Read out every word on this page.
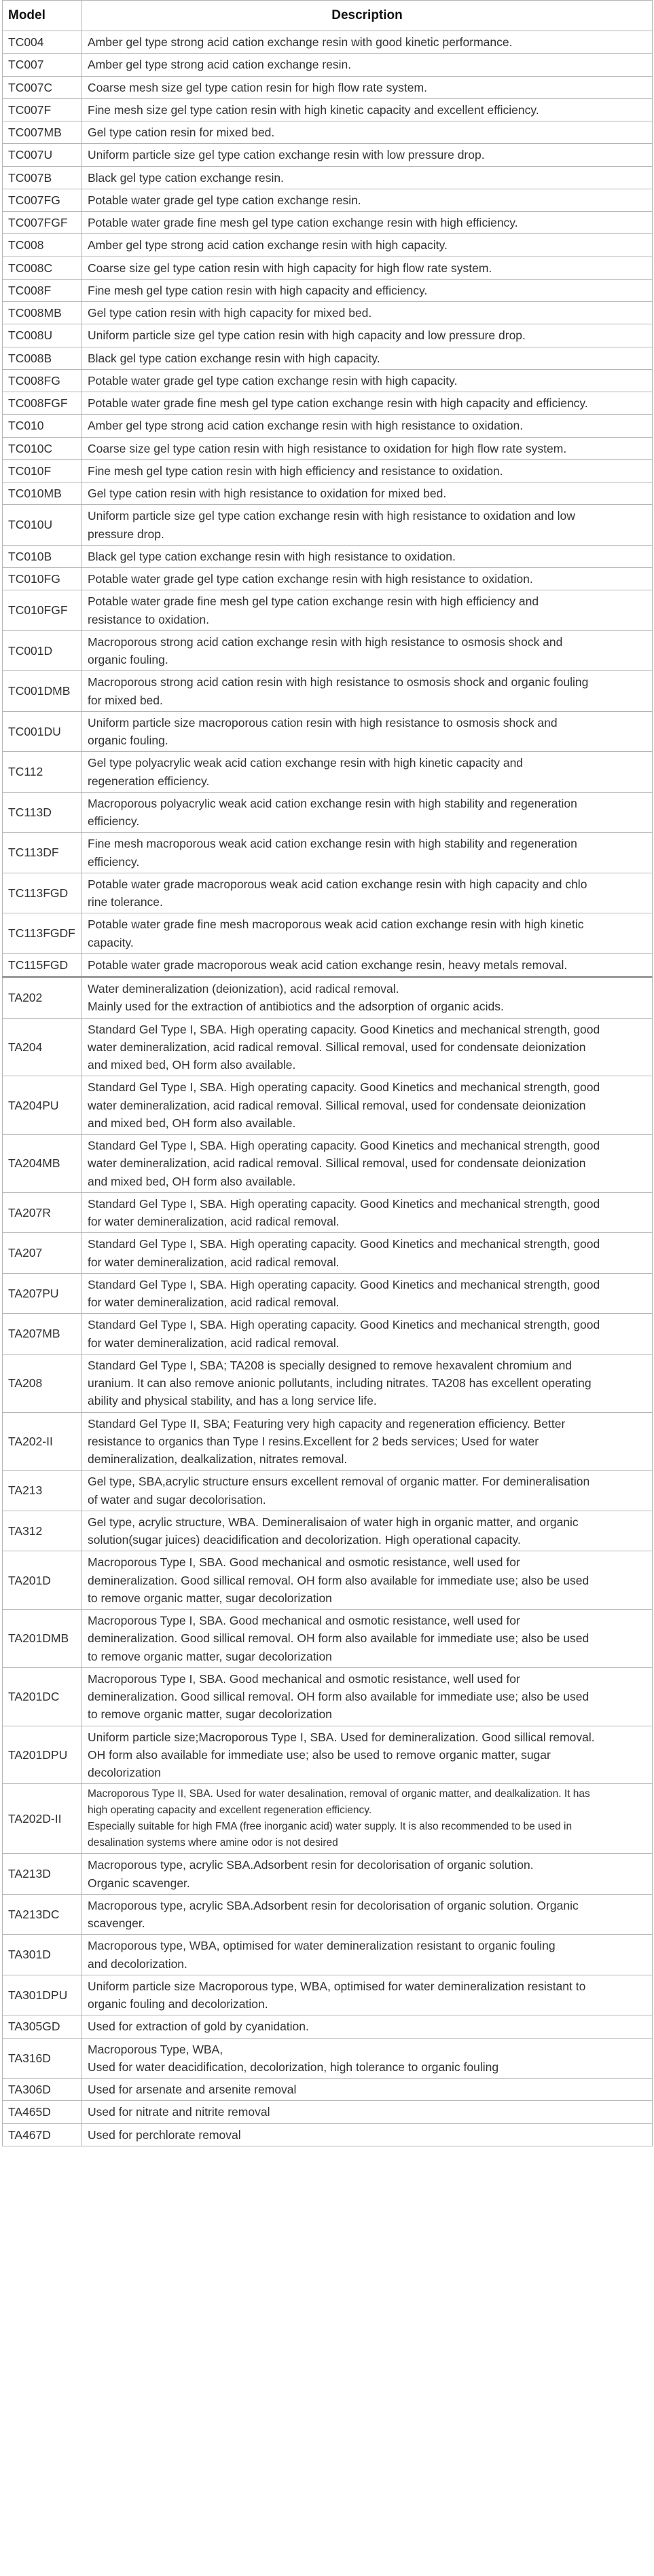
Model	Description
TC004	Amber gel type strong acid cation exchange resin with good kinetic performance.
TC007	Amber gel type strong acid cation exchange resin.
TC007C	Coarse mesh size gel type cation resin for high flow rate system.
TC007F	Fine mesh size gel type cation resin with high kinetic capacity and excellent efficiency.
TC007MB	Gel type cation resin for mixed bed.
TC007U	Uniform particle size gel type cation exchange resin with low pressure drop.
TC007B	Black gel type cation exchange resin.
TC007FG	Potable water grade gel type cation exchange resin.
TC007FGF	Potable water grade fine mesh gel type cation exchange resin with high efficiency.
TC008	Amber gel type strong acid cation exchange resin with high capacity.
TC008C	Coarse size gel type cation resin with high capacity for high flow rate system.
TC008F	Fine mesh gel type cation resin with high capacity and efficiency.
TC008MB	Gel type cation resin with high capacity for mixed bed.
TC008U	Uniform particle size gel type cation resin with high capacity and low pressure drop.
TC008B	Black gel type cation exchange resin with high capacity.
TC008FG	Potable water grade gel type cation exchange resin with high capacity.
TC008FGF	Potable water grade fine mesh gel type cation exchange resin with high capacity and efficiency.
TC010	Amber gel type strong acid cation exchange resin with high resistance to oxidation.
TC010C	Coarse size gel type cation resin with high resistance to oxidation for high flow rate system.
TC010F	Fine mesh gel type cation resin with high efficiency and resistance to oxidation.
TC010MB	Gel type cation resin with high resistance to oxidation for mixed bed.
TC010U	Uniform particle size gel type cation exchange resin with high resistance to oxidation and low
pressure drop.
TC010B	Black gel type cation exchange resin with high resistance to oxidation.
TC010FG	Potable water grade gel type cation exchange resin with high resistance to oxidation.
TC010FGF	Potable water grade fine mesh gel type cation exchange resin with high efficiency and
resistance to oxidation.
TC001D	Macroporous strong acid cation exchange resin with high resistance to osmosis shock and
organic fouling.
TC001DMB	Macroporous strong acid cation resin with high resistance to osmosis shock and organic fouling
for mixed bed.
TC001DU	Uniform particle size macroporous cation resin with high resistance to osmosis shock and
organic fouling.
TC112	Gel type polyacrylic weak acid cation exchange resin with high kinetic capacity and
regeneration efficiency.
TC113D	Macroporous polyacrylic weak acid cation exchange resin with high stability and regeneration
efficiency.
TC113DF	Fine mesh macroporous weak acid cation exchange resin with high stability and regeneration
efficiency.
TC113FGD	Potable water grade macroporous weak acid cation exchange resin with high capacity and chlo
rine tolerance.
TC113FGDF	Potable water grade fine mesh macroporous weak acid cation exchange resin with high kinetic
capacity.
TC115FGD	Potable water grade macroporous weak acid cation exchange resin, heavy metals removal.
TA202	Water demineralization (deionization), acid radical removal.
Mainly used for the extraction of antibiotics and the adsorption of organic acids.
TA204	Standard Gel Type I, SBA. High operating capacity. Good Kinetics and mechanical strength, good
water demineralization, acid radical removal. Sillical removal, used for condensate deionization
and mixed bed, OH form also available.
TA204PU	Standard Gel Type I, SBA. High operating capacity. Good Kinetics and mechanical strength, good
water demineralization, acid radical removal. Sillical removal, used for condensate deionization
and mixed bed, OH form also available.
TA204MB	Standard Gel Type I, SBA. High operating capacity. Good Kinetics and mechanical strength, good
water demineralization, acid radical removal. Sillical removal, used for condensate deionization
and mixed bed, OH form also available.
TA207R	Standard Gel Type I, SBA. High operating capacity. Good Kinetics and mechanical strength, good
for water demineralization, acid radical removal.
TA207	Standard Gel Type I, SBA. High operating capacity. Good Kinetics and mechanical strength, good
for water demineralization, acid radical removal.
TA207PU	Standard Gel Type I, SBA. High operating capacity. Good Kinetics and mechanical strength, good
for water demineralization, acid radical removal.
TA207MB	Standard Gel Type I, SBA. High operating capacity. Good Kinetics and mechanical strength, good
for water demineralization, acid radical removal.
TA208	Standard Gel Type I, SBA; TA208 is specially designed to remove hexavalent chromium and
uranium. It can also remove anionic pollutants, including nitrates. TA208 has excellent operating
ability and physical stability, and has a long service life.
TA202-II	Standard Gel Type II, SBA; Featuring very high capacity and regeneration efficiency. Better
resistance to organics than Type I resins.Excellent for 2 beds services; Used for water
demineralization, dealkalization, nitrates removal.
TA213	Gel type, SBA,acrylic structure ensurs excellent removal of organic matter. For demineralisation
of water and sugar decolorisation.
TA312	Gel type, acrylic structure, WBA. Demineralisaion of water high in organic matter, and organic
solution(sugar juices) deacidification and decolorization. High operational capacity.
TA201D	Macroporous Type I, SBA. Good mechanical and osmotic resistance, well used for
demineralization. Good sillical removal. OH form also available for immediate use; also be used
to remove organic matter, sugar decolorization
TA201DMB	Macroporous Type I, SBA. Good mechanical and osmotic resistance, well used for
demineralization. Good sillical removal. OH form also available for immediate use; also be used
to remove organic matter, sugar decolorization
TA201DC	Macroporous Type I, SBA. Good mechanical and osmotic resistance, well used for
demineralization. Good sillical removal. OH form also available for immediate use; also be used
to remove organic matter, sugar decolorization
TA201DPU	Uniform particle size;Macroporous Type I, SBA. Used for demineralization. Good sillical removal.
OH form also available for immediate use; also be used to remove organic matter, sugar
decolorization
TA202D-II	Macroporous Type II, SBA. Used for water desalination, removal of organic matter, and dealkalization. It has
high operating capacity and excellent regeneration efficiency.
Especially suitable for high FMA (free inorganic acid) water supply. It is also recommended to be used in
desalination systems where amine odor is not desired
TA213D	Macroporous type, acrylic SBA.Adsorbent resin for decolorisation of organic solution.
Organic scavenger.
TA213DC	Macroporous type, acrylic SBA.Adsorbent resin for decolorisation of organic solution. Organic
scavenger.
TA301D	Macroporous type, WBA, optimised for water demineralization resistant to organic fouling
and decolorization.
TA301DPU	Uniform particle size Macroporous type, WBA, optimised for water demineralization resistant to
organic fouling and decolorization.
TA305GD	Used for extraction of gold by cyanidation.
TA316D	Macroporous Type, WBA,
Used for water deacidification, decolorization, high tolerance to organic fouling
TA306D	Used for arsenate and arsenite removal
TA465D	Used for nitrate and nitrite removal
TA467D	Used for perchlorate removal
